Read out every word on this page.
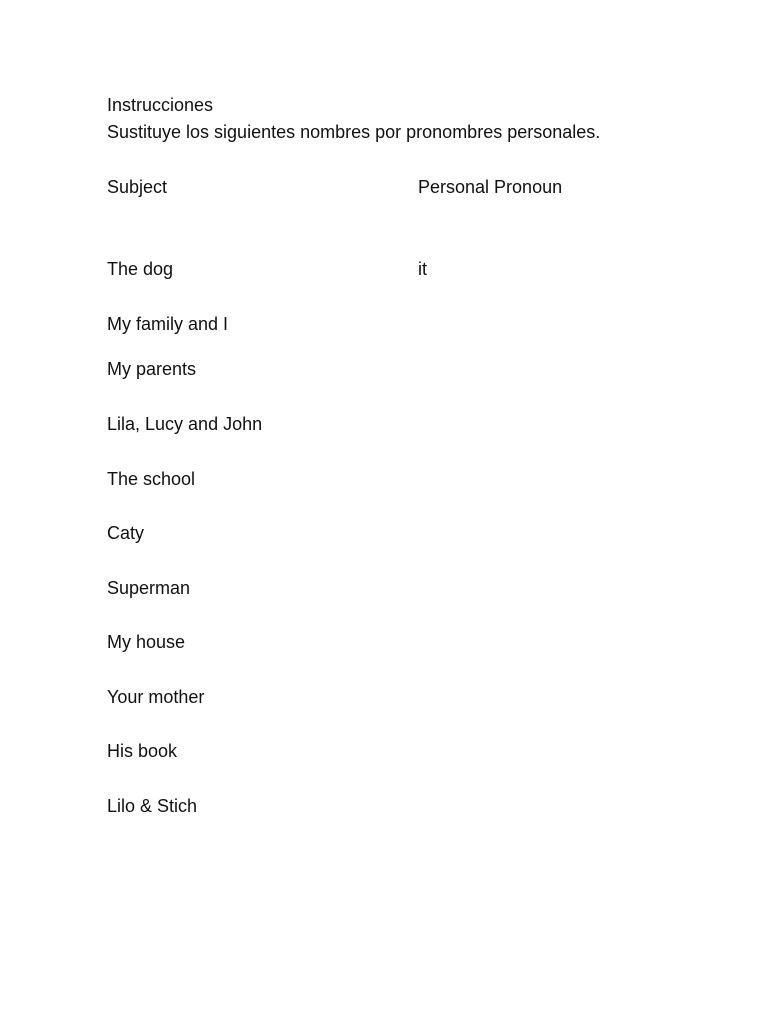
Instrucciones
Sustituye los siguientes nombres por pronombres personales.
Subject	Personal Pronoun
The dog	it
My family and I
My parents
Lila, Lucy and John
The school
Caty
Superman
My house
Your mother
His book
Lilo & Stich
